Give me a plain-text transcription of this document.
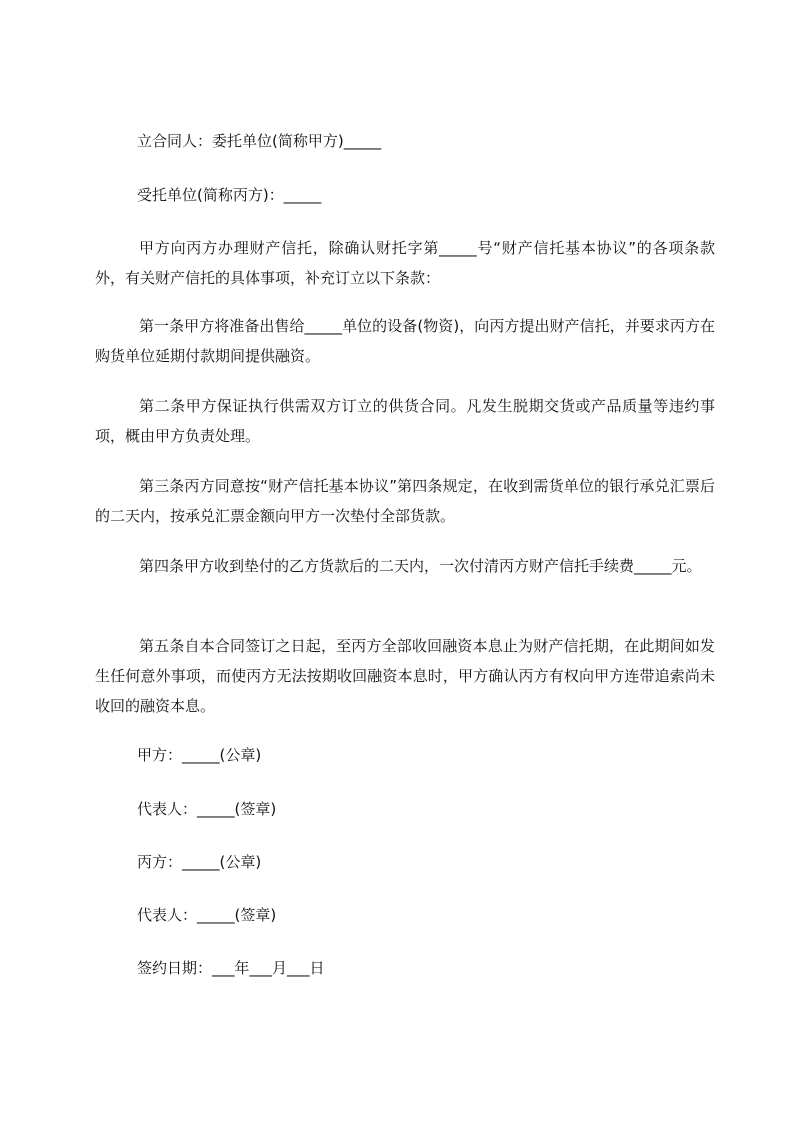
立合同人：委托单位(简称甲方)_____

受托单位(简称丙方)：_____

甲方向丙方办理财产信托，除确认财托字第_____号“财产信托基本协议”的各项条款外，有关财产信托的具体事项，补充订立以下条款：

第一条甲方将准备出售给_____单位的设备(物资)，向丙方提出财产信托，并要求丙方在购货单位延期付款期间提供融资。

第二条甲方保证执行供需双方订立的供货合同。凡发生脱期交货或产品质量等违约事项，概由甲方负责处理。

第三条丙方同意按“财产信托基本协议”第四条规定，在收到需货单位的银行承兑汇票后的二天内，按承兑汇票金额向甲方一次垫付全部货款。

第四条甲方收到垫付的乙方货款后的二天内，一次付清丙方财产信托手续费_____元。

第五条自本合同签订之日起，至丙方全部收回融资本息止为财产信托期，在此期间如发生任何意外事项，而使丙方无法按期收回融资本息时，甲方确认丙方有权向甲方连带追索尚未收回的融资本息。

甲方：_____(公章)

代表人：_____(签章)

丙方：_____(公章)

代表人：_____(签章)

签约日期：___年___月___日
